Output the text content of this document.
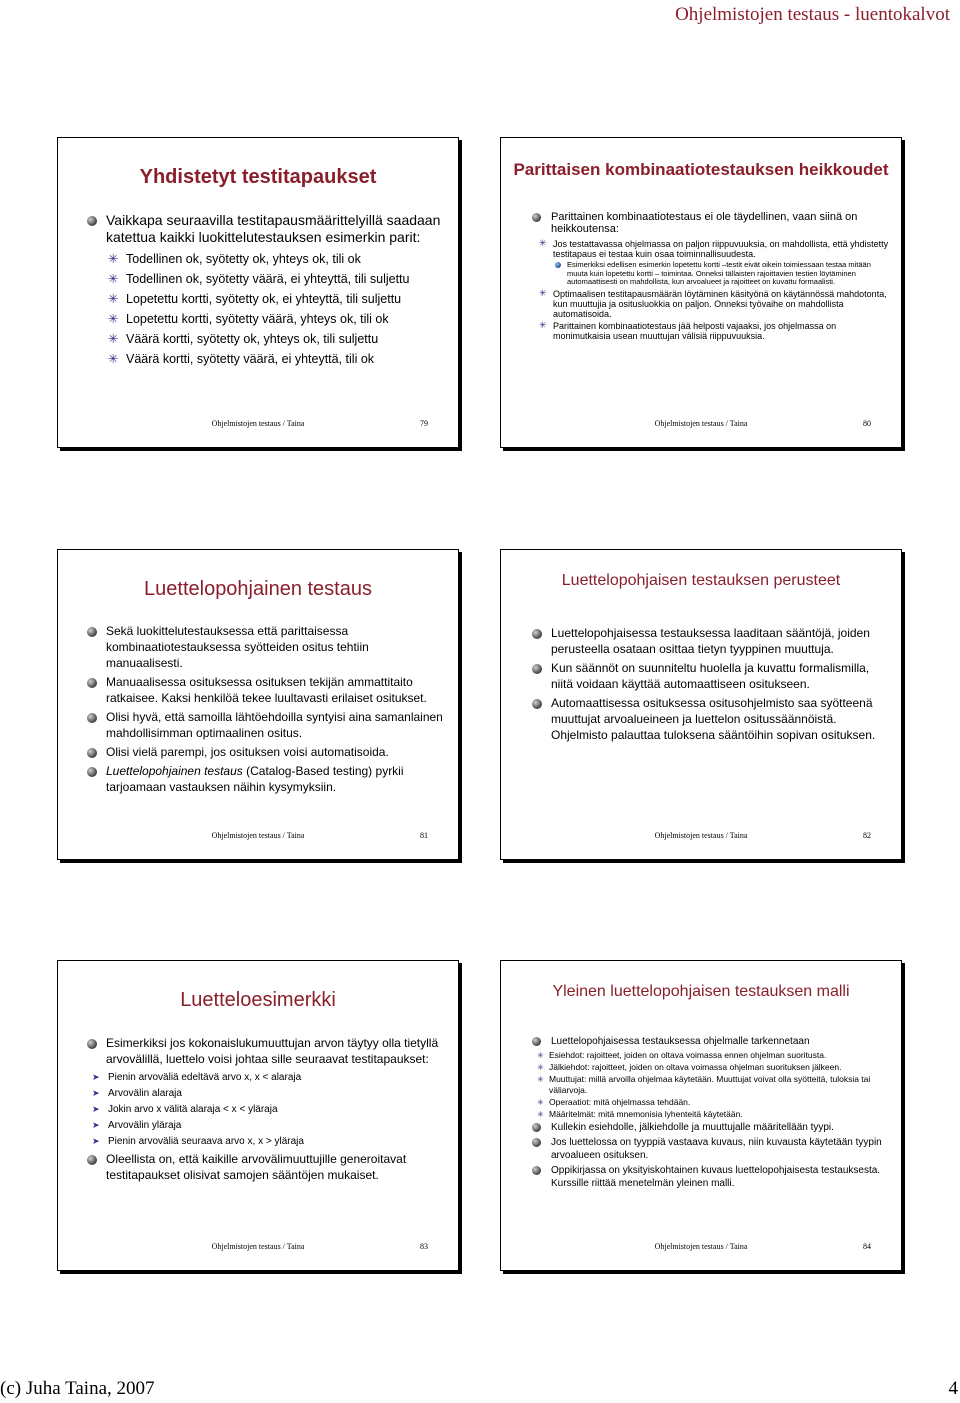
Ohjelmistojen testaus - luentokalvot
Yhdistetyt testitapaukset

Vaikkapa seuraavilla testitapausmäärittelyillä saadaan katettua kaikki luokittelutestauksen esimerkin parit:

✳ Todellinen ok, syötetty ok, yhteys ok, tili ok

✳ Todellinen ok, syötetty väärä, ei yhteyttä, tili suljettu

✳ Lopetettu kortti, syötetty ok, ei yhteyttä, tili suljettu

✳ Lopetettu kortti, syötetty väärä, yhteys ok, tili ok

✳ Väärä kortti, syötetty ok, yhteys ok, tili suljettu

✳ Väärä kortti, syötetty väärä, ei yhteyttä, tili ok

Ohjelmistojen testaus / Taina	79
Parittaisen kombinaatiotestauksen heikkoudet

Parittainen kombinaatiotestaus ei ole täydellinen, vaan siinä on heikkoutensa:

✳ Jos testattavassa ohjelmassa on paljon riippuvuuksia, on mahdollista, että yhdistetty testitapaus ei testaa kuin osaa toiminnallisuudesta.

Esimerkiksi edellisen esimerkin lopetettu kortti –testit eivät oikein toimiessaan testaa mitään muuta kuin lopetettu kortti – toimintaa. Onneksi tällaisten rajoittavien testien löytäminen automaattisesti on mahdollista, kun arvoalueet ja rajoitteet on kuvattu formaalisti.

✳ Optimaalisen testitapausmäärän löytäminen käsityönä on käytännössä mahdotonta, kun muuttujia ja ositusluokkia on paljon. Onneksi työvaihe on mahdollista automatisoida.

✳ Parittainen kombinaatiotestaus jää helposti vajaaksi, jos ohjelmassa on monimutkaisia usean muuttujan välisiä riippuvuuksia.

Ohjelmistojen testaus / Taina	80
Luettelopohjainen testaus

Sekä luokittelutestauksessa että parittaisessa kombinaatiotestauksessa syötteiden ositus tehtiin manuaalisesti.

Manuaalisessa osituksessa osituksen tekijän ammattitaito ratkaisee. Kaksi henkilöä tekee luultavasti erilaiset ositukset.

Olisi hyvä, että samoilla lähtöehdoilla syntyisi aina samanlainen mahdollisimman optimaalinen ositus.

Olisi vielä parempi, jos osituksen voisi automatisoida.

Luettelopohjainen testaus (Catalog-Based testing) pyrkii tarjoamaan vastauksen näihin kysymyksiin.

Ohjelmistojen testaus / Taina	81
Luettelopohjaisen testauksen perusteet

Luettelopohjaisessa testauksessa laaditaan sääntöjä, joiden perusteella osataan osittaa tietyn tyyppinen muuttuja.

Kun säännöt on suunniteltu huolella ja kuvattu formalismilla, niitä voidaan käyttää automaattiseen ositukseen.

Automaattisessa osituksessa ositusohjelmisto saa syötteenä muuttujat arvoalueineen ja luettelon ositussäännöistä. Ohjelmisto palauttaa tuloksena sääntöihin sopivan osituksen.

Ohjelmistojen testaus / Taina	82
Luetteloesimerkki

Esimerkiksi jos kokonaislukumuuttujan arvon täytyy olla tietyllä arvovälillä, luettelo voisi johtaa sille seuraavat testitapaukset:

➤ Pienin arvoväliä edeltävä arvo x, x < alaraja

➤ Arvovälin alaraja

➤ Jokin arvo x välitä alaraja < x < yläraja

➤ Arvovälin yläraja

➤ Pienin arvoväliä seuraava arvo x, x > yläraja

Oleellista on, että kaikille arvovälimuuttujille generoitavat testitapaukset olisivat samojen sääntöjen mukaiset.

Ohjelmistojen testaus / Taina	83
Yleinen luettelopohjaisen testauksen malli

Luettelopohjaisessa testauksessa ohjelmalle tarkennetaan

✳ Esiehdot: rajoitteet, joiden on oltava voimassa ennen ohjelman suoritusta.

✳ Jälkiehdot: rajoitteet, joiden on oltava voimassa ohjelman suorituksen jälkeen.

✳ Muuttujat: millä arvoilla ohjelmaa käytetään. Muuttujat voivat olla syötteitä, tuloksia tai väliarvoja.

✳ Operaatiot: mitä ohjelmassa tehdään.

✳ Määritelmät: mitä mnemonisia lyhenteitä käytetään.

Kullekin esiehdolle, jälkiehdolle ja muuttujalle määritellään tyypi.

Jos luettelossa on tyyppiä vastaava kuvaus, niin kuvausta käytetään tyypin arvoalueen osituksen.

Oppikirjassa on yksityiskohtainen kuvaus luettelopohjaisesta testauksesta. Kurssille riittää menetelmän yleinen malli.

Ohjelmistojen testaus / Taina	84
(c) Juha Taina, 2007	4
